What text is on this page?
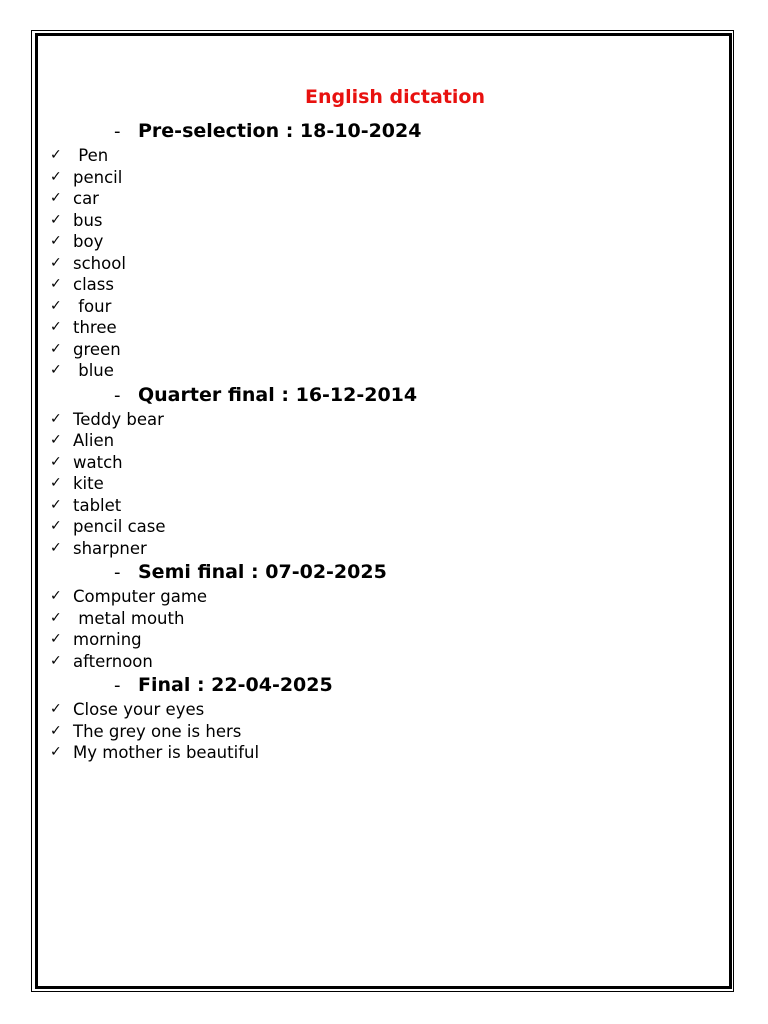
English dictation
- Pre-selection : 18-10-2024
✓ Pen
✓ pencil
✓ car
✓ bus
✓ boy
✓ school
✓ class
✓ four
✓ three
✓ green
✓ blue
- Quarter final : 16-12-2014
✓ Teddy bear
✓ Alien
✓ watch
✓ kite
✓ tablet
✓ pencil case
✓ sharpner
- Semi final : 07-02-2025
✓ Computer game
✓ metal mouth
✓ morning
✓ afternoon
- Final : 22-04-2025
✓ Close your eyes
✓ The grey one is hers
✓ My mother is beautiful
